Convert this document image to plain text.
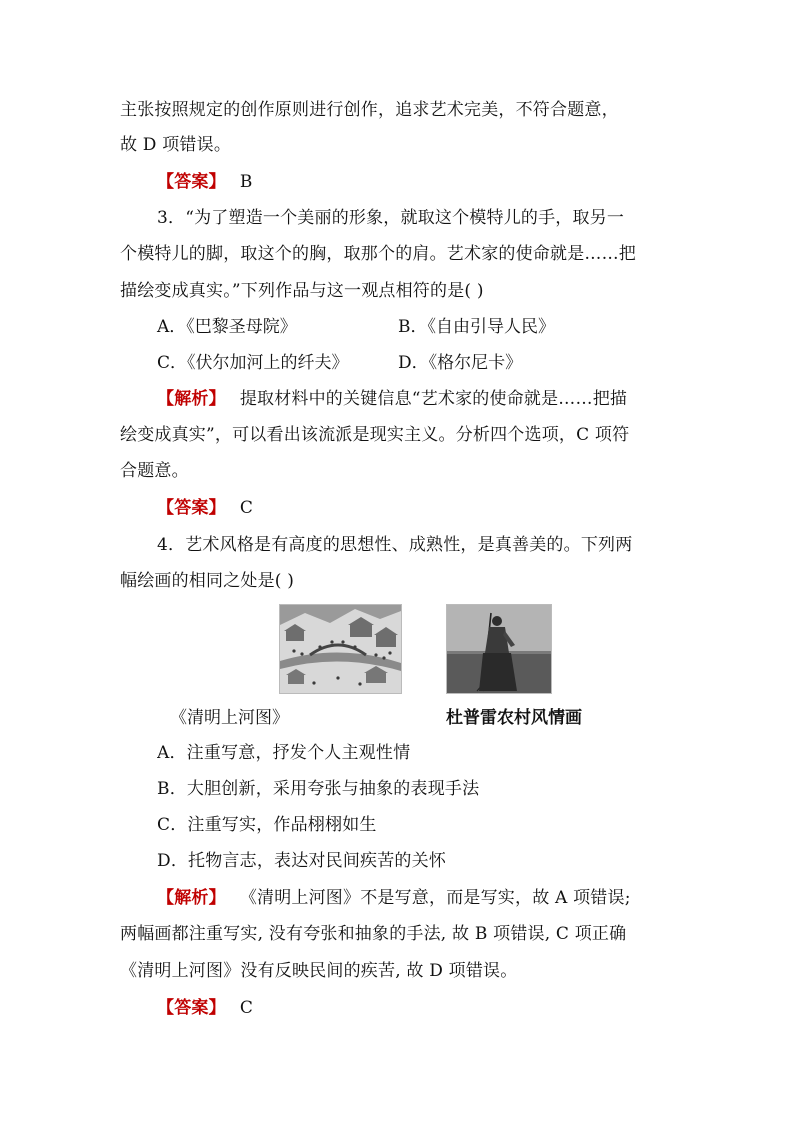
主张按照规定的创作原则进行创作，追求艺术完美，不符合题意，
故 D 项错误。
【答案】 B
3．“为了塑造一个美丽的形象，就取这个模特儿的手，取另一
个模特儿的脚，取这个的胸，取那个的肩。艺术家的使命就是……把
描绘变成真实。”下列作品与这一观点相符的是( )
A．《巴黎圣母院》	B．《自由引导人民》
C．《伏尔加河上的纤夫》	D．《格尔尼卡》
【解析】 提取材料中的关键信息“艺术家的使命就是……把描
绘变成真实”，可以看出该流派是现实主义。分析四个选项，C 项符
合题意。
【答案】 C
4．艺术风格是有高度的思想性、成熟性，是真善美的。下列两
幅绘画的相同之处是( )
《清明上河图》	杜普雷农村风情画
A．注重写意，抒发个人主观性情
B．大胆创新，采用夸张与抽象的表现手法
C．注重写实，作品栩栩如生
D．托物言志，表达对民间疾苦的关怀
【解析】 《清明上河图》不是写意，而是写实，故 A 项错误;
两幅画都注重写实, 没有夸张和抽象的手法, 故 B 项错误, C 项正确
《清明上河图》没有反映民间的疾苦, 故 D 项错误。
【答案】 C
